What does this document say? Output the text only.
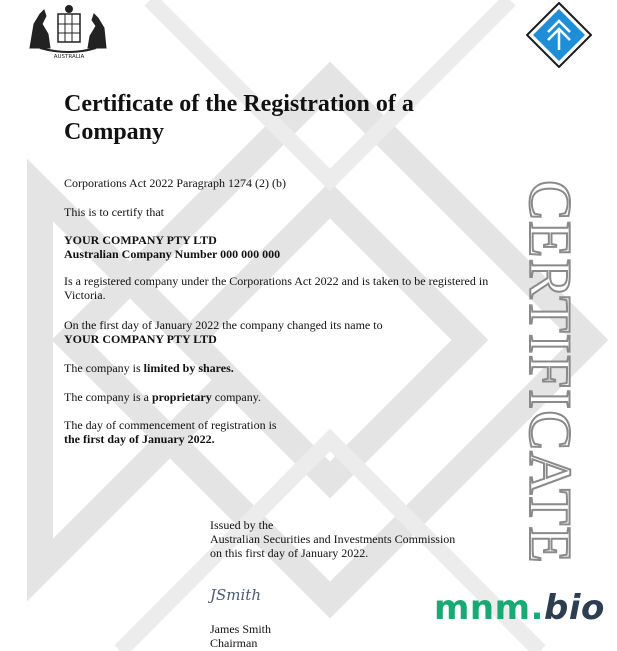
AUSTRALIA
CERTIFICATE
Certificate of the Registration of a Company

Corporations Act 2022 Paragraph 1274 (2) (b)

This is to certify that

YOUR COMPANY PTY LTD

Australian Company Number 000 000 000

Is a registered company under the Corporations Act 2022 and is taken to be registered in Victoria.

On the first day of January 2022 the company changed its name to

YOUR COMPANY PTY LTD

The company is limited by shares.

The company is a proprietary company.

The day of commencement of registration is

the first day of January 2022.

Issued by the
Australian Securities and Investments Commission
on this first day of January 2022.
JSmith
James Smith
Chairman
mnm.bio
